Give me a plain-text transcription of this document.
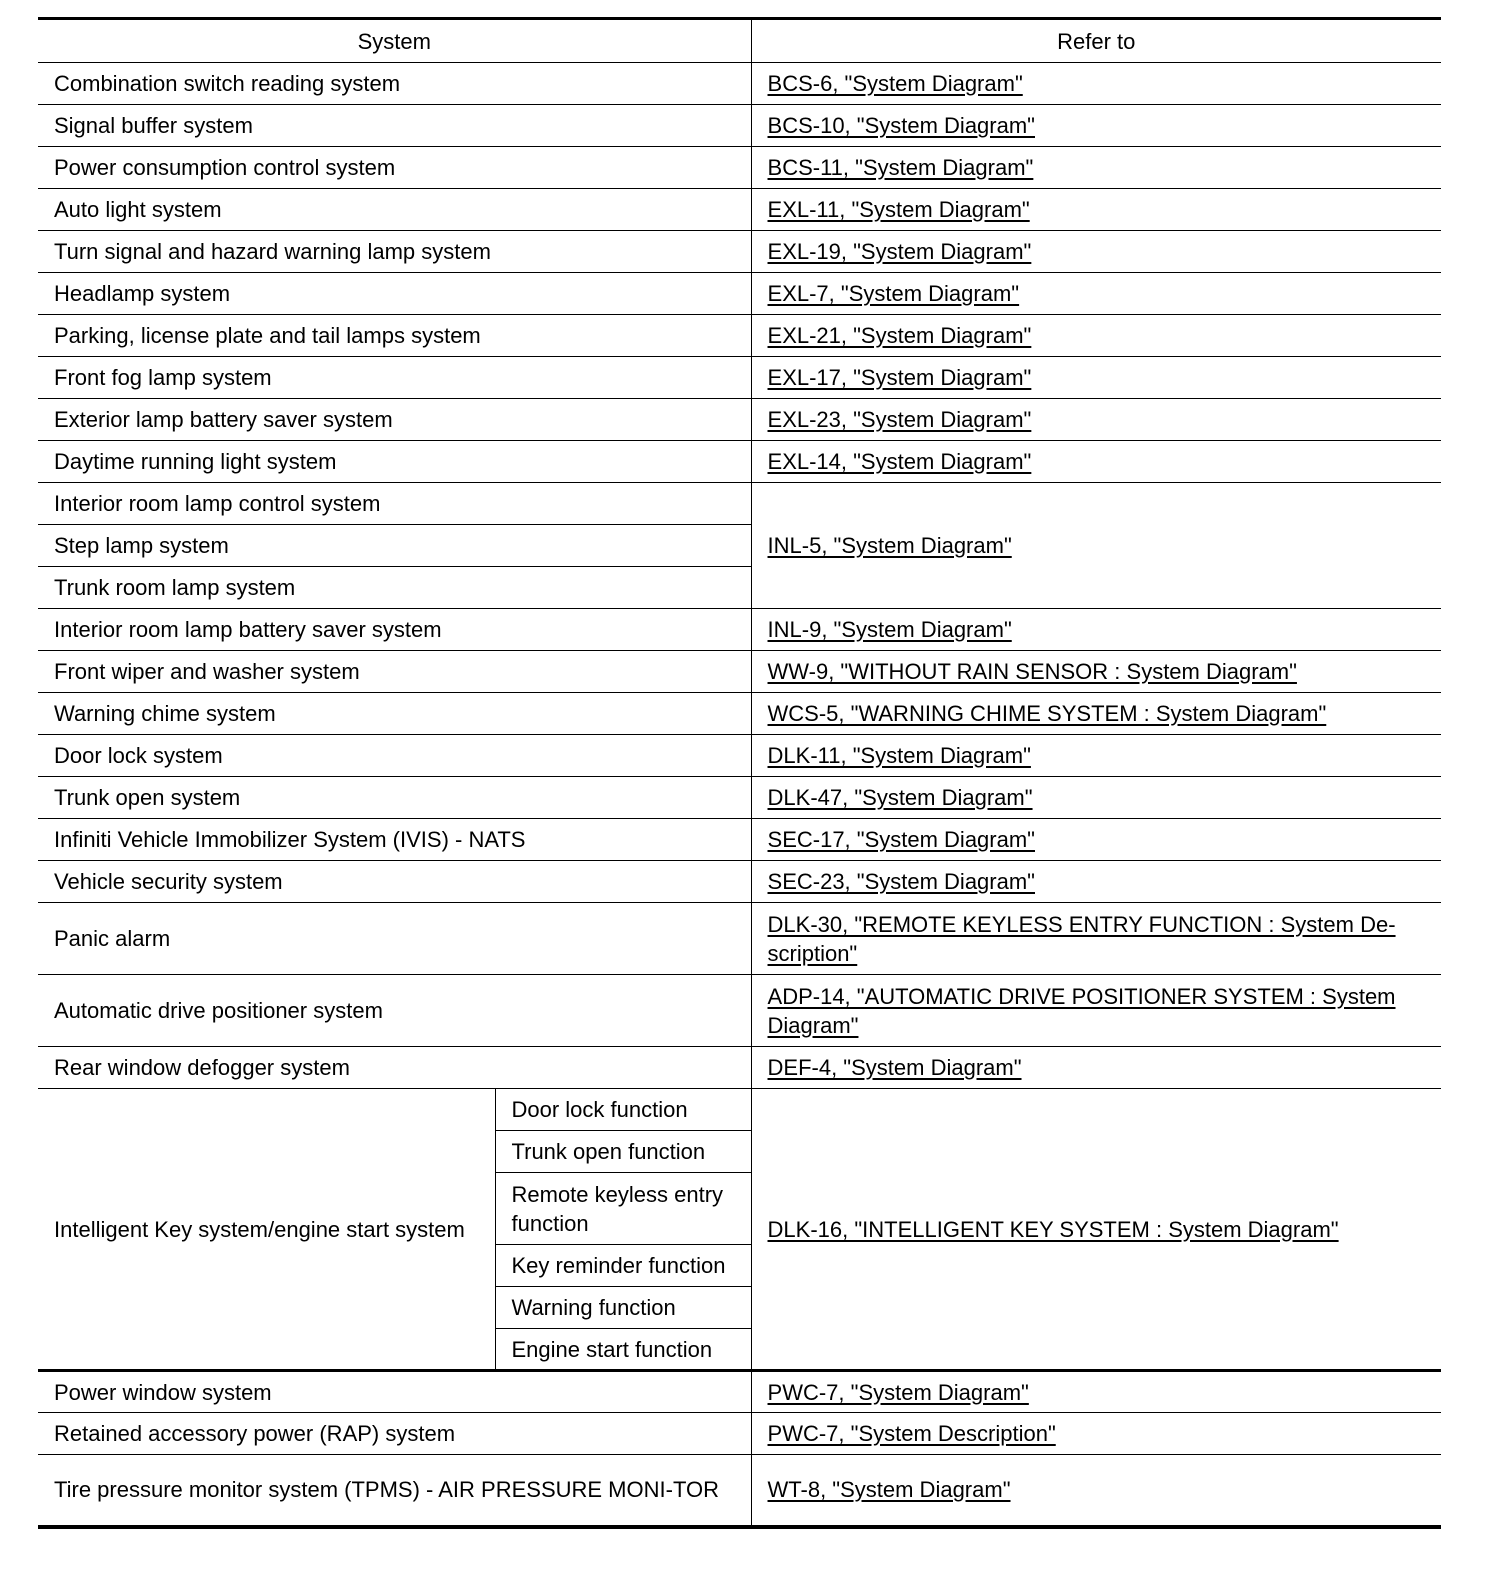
System		Refer to
Combination switch reading system		BCS-6, "System Diagram"
Signal buffer system		BCS-10, "System Diagram"
Power consumption control system		BCS-11, "System Diagram"
Auto light system		EXL-11, "System Diagram"
Turn signal and hazard warning lamp system		EXL-19, "System Diagram"
Headlamp system		EXL-7, "System Diagram"
Parking, license plate and tail lamps system		EXL-21, "System Diagram"
Front fog lamp system		EXL-17, "System Diagram"
Exterior lamp battery saver system		EXL-23, "System Diagram"
Daytime running light system		EXL-14, "System Diagram"
Interior room lamp control system		INL-5, "System Diagram"
Step lamp system		
Trunk room lamp system		
Interior room lamp battery saver system		INL-9, "System Diagram"
Front wiper and washer system		WW-9, "WITHOUT RAIN SENSOR : System Diagram"
Warning chime system		WCS-5, "WARNING CHIME SYSTEM : System Diagram"
Door lock system		DLK-11, "System Diagram"
Trunk open system		DLK-47, "System Diagram"
Infiniti Vehicle Immobilizer System (IVIS) - NATS		SEC-17, "System Diagram"
Vehicle security system		SEC-23, "System Diagram"
Panic alarm		DLK-30, "REMOTE KEYLESS ENTRY FUNCTION : System De-scription"
Automatic drive positioner system		ADP-14, "AUTOMATIC DRIVE POSITIONER SYSTEM : System Diagram"
Rear window defogger system		DEF-4, "System Diagram"
Intelligent Key system/engine start system	Door lock function	DLK-16, "INTELLIGENT KEY SYSTEM : System Diagram"
	Trunk open function	
	Remote keyless entry function	
	Key reminder function	
	Warning function	
	Engine start function	
Power window system		PWC-7, "System Diagram"
Retained accessory power (RAP) system		PWC-7, "System Description"
Tire pressure monitor system (TPMS) - AIR PRESSURE MONI-TOR		WT-8, "System Diagram"
